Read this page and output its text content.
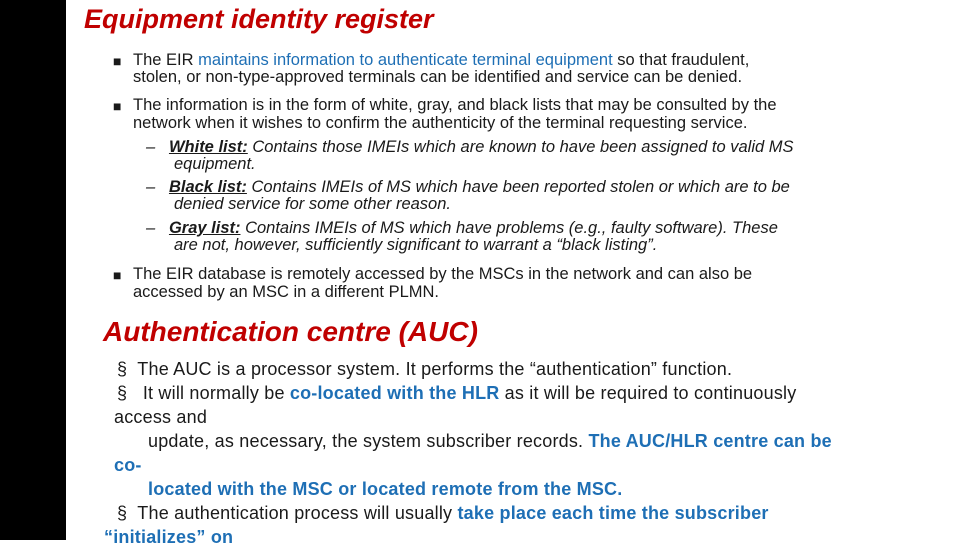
Equipment identity register
■ The EIR maintains information to authenticate terminal equipment so that fraudulent,
stolen, or non-type-approved terminals can be identified and service can be denied.
■ The information is in the form of white, gray, and black lists that may be consulted by the
network when it wishes to confirm the authenticity of the terminal requesting service.
– White list: Contains those IMEIs which are known to have been assigned to valid MS
equipment.
– Black list: Contains IMEIs of MS which have been reported stolen or which are to be
denied service for some other reason.
– Gray list: Contains IMEIs of MS which have problems (e.g., faulty software). These
are not, however, sufficiently significant to warrant a “black listing”.
■ The EIR database is remotely accessed by the MSCs in the network and can also be
accessed by an MSC in a different PLMN.
Authentication centre (AUC)
§ The AUC is a processor system. It performs the “authentication” function.
§ It will normally be co-located with the HLR as it will be required to continuously
access and
update, as necessary, the system subscriber records. The AUC/HLR centre can be
co-
located with the MSC or located remote from the MSC.
§ The authentication process will usually take place each time the subscriber
“initializes” on
